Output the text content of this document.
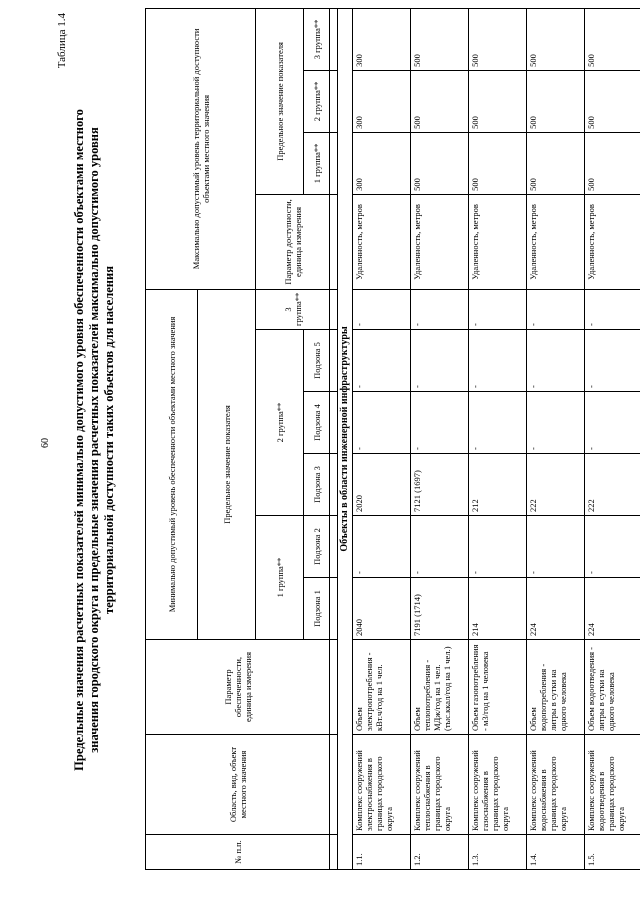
60
Таблица 1.4
Предельные значения расчетных показателей минимально допустимого уровня обеспеченности объектами местного значения городского округа и предельные значения расчетных показателей максимально допустимого уровня территориальной доступности таких объектов для населения
№ п.п.	Область, вид, объект местного значения	Параметр обеспеченности, единица измерения	Минимально допустимый уровень обеспеченности объектами местного значения						Максимально допустимый уровень территориальной доступности объектами местного значения			
			Предельное значение показателя									
			1 группа**		2 группа**			3 группа**	Параметр доступности, единица измерения	Предельное значение показателя		
			Подзона 1	Подзона 2	Подзона 3	Подзона 4	Подзона 5			1 группа**	2 группа**	3 группа**

Объекты в области инженерной инфраструктуры												
1.1.	Комплекс сооружений электроснабжения в границах городского округа	Объем электропотребления - кВт.ч/год на 1 чел.	2040	-	2020	-	-	-	Удаленность, метров	300	300	300
1.2.	Комплекс сооружений теплоснабжения в границах городского округа	Объем теплопотребления - МДж/год на 1 чел. (тыс.ккал/год на 1 чел.)	7191 (1714)	-	7121 (1697)	-	-	-	Удаленность, метров	500	500	500
1.3.	Комплекс сооружений газоснабжения в границах городского округа	Объем газопотребления - м3/год на 1 человека	214	-	212	-	-	-	Удаленность, метров	500	500	500
1.4.	Комплекс сооружений водоснабжения в границах городского округа	Объем водопотребления - литры в сутки на одного человека	224	-	222	-	-	-	Удаленность, метров	500	500	500
1.5.	Комплекс сооружений водоотведения в границах городского округа	Объем водоотведения - литры в сутки на одного человека	224	-	222	-	-	-	Удаленность, метров	500	500	500
